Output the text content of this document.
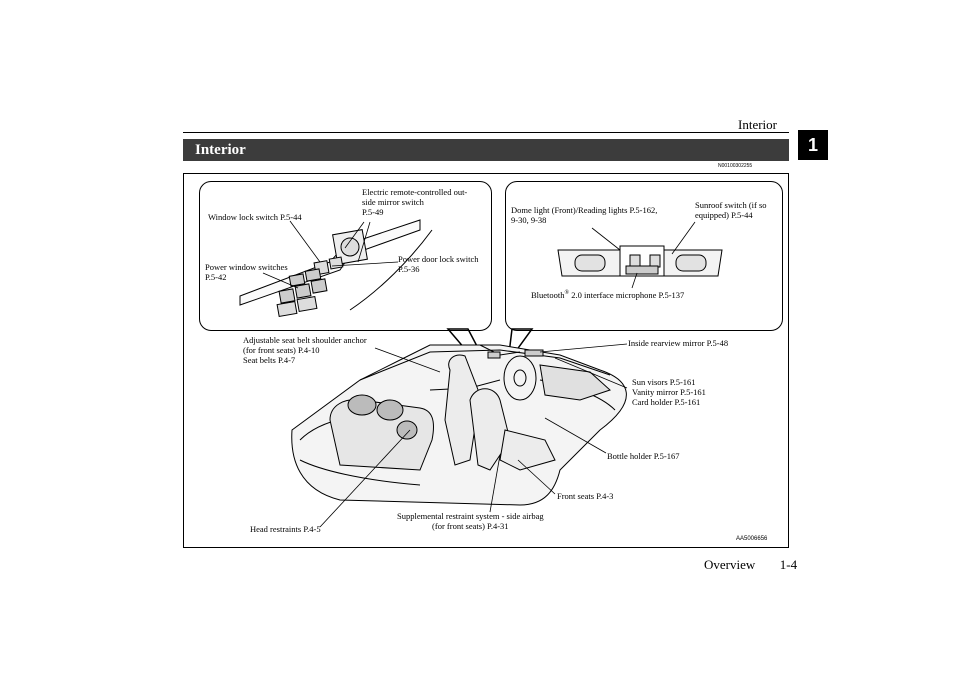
Interior
1
Interior
N00100302255
Window lock switch P.5-44
Electric remote-controlled out-
side mirror switch
P.5-49
Power window switches
P.5-42
Power door lock switch
P.5-36
Dome light (Front)/Reading lights P.5-162,
9-30, 9-38
Sunroof switch (if so
equipped) P.5-44
Bluetooth® 2.0 interface microphone P.5-137
Adjustable seat belt shoulder anchor
(for front seats) P.4-10
Seat belts P.4-7
Inside rearview mirror P.5-48
Sun visors P.5-161
Vanity mirror P.5-161
Card holder P.5-161
Bottle holder P.5-167
Front seats P.4-3
Supplemental restraint system - side airbag
(for front seats) P.4-31
Head restraints P.4-5
AA5006656
Overview 1-4
